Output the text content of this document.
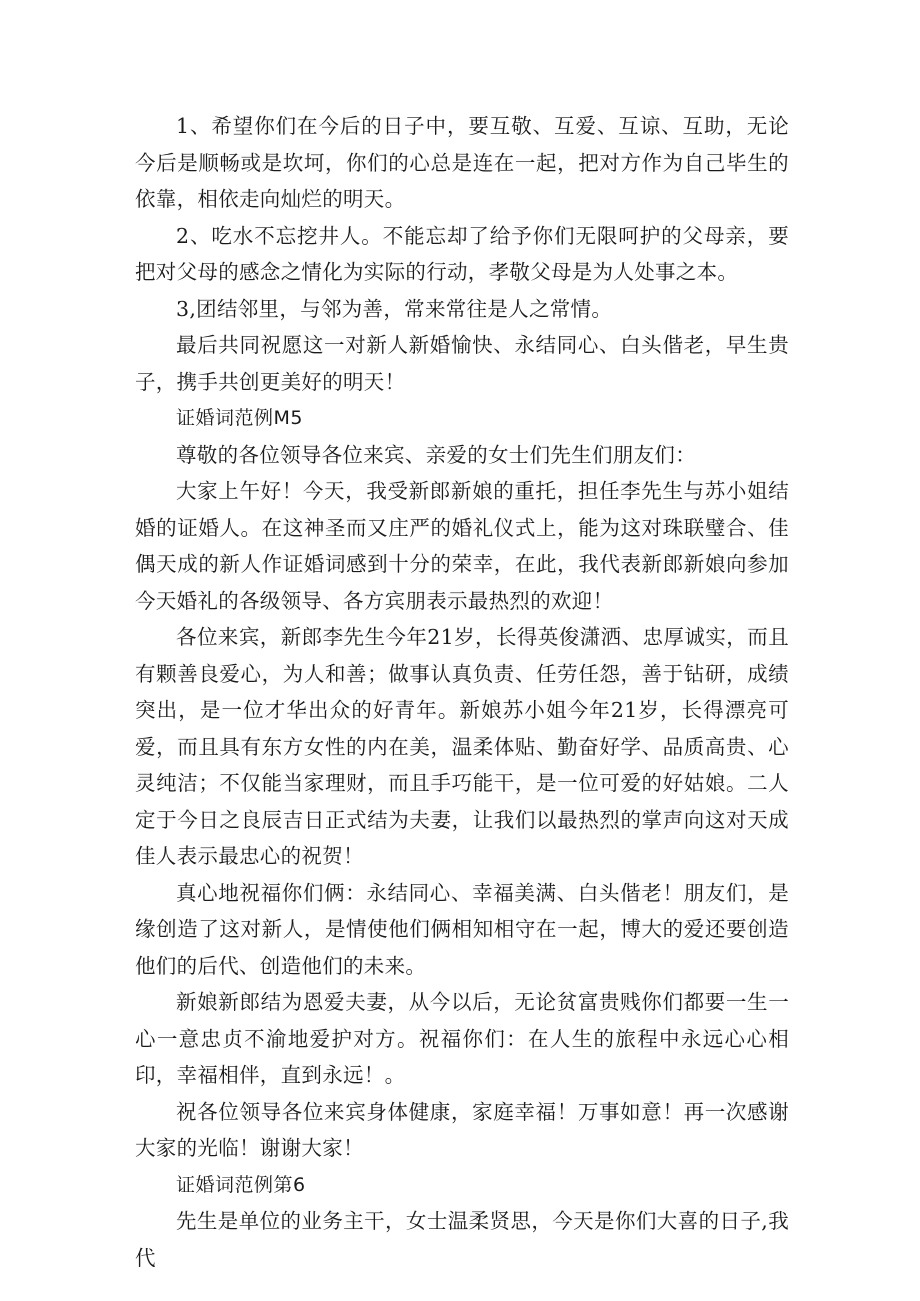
1、希望你们在今后的日子中，要互敬、互爱、互谅、互助，无论今后是顺畅或是坎坷，你们的心总是连在一起，把对方作为自己毕生的依靠，相依走向灿烂的明天。

2、吃水不忘挖井人。不能忘却了给予你们无限呵护的父母亲，要把对父母的感念之情化为实际的行动，孝敬父母是为人处事之本。

3,团结邻里，与邻为善，常来常往是人之常情。

最后共同祝愿这一对新人新婚愉快、永结同心、白头偕老，早生贵子，携手共创更美好的明天！

证婚词范例M5

尊敬的各位领导各位来宾、亲爱的女士们先生们朋友们：

大家上午好！今天，我受新郎新娘的重托，担任李先生与苏小姐结婚的证婚人。在这神圣而又庄严的婚礼仪式上，能为这对珠联璧合、佳偶天成的新人作证婚词感到十分的荣幸，在此，我代表新郎新娘向参加今天婚礼的各级领导、各方宾朋表示最热烈的欢迎！

各位来宾，新郎李先生今年21岁，长得英俊潇洒、忠厚诚实，而且有颗善良爱心，为人和善；做事认真负责、任劳任怨，善于钻研，成绩突出，是一位才华出众的好青年。新娘苏小姐今年21岁，长得漂亮可爱，而且具有东方女性的内在美，温柔体贴、勤奋好学、品质高贵、心灵纯洁；不仅能当家理财，而且手巧能干，是一位可爱的好姑娘。二人定于今日之良辰吉日正式结为夫妻，让我们以最热烈的掌声向这对天成佳人表示最忠心的祝贺！

真心地祝福你们俩：永结同心、幸福美满、白头偕老！朋友们，是缘创造了这对新人，是情使他们俩相知相守在一起，博大的爱还要创造他们的后代、创造他们的未来。

新娘新郎结为恩爱夫妻，从今以后，无论贫富贵贱你们都要一生一心一意忠贞不渝地爱护对方。祝福你们：在人生的旅程中永远心心相印，幸福相伴，直到永远！。

祝各位领导各位来宾身体健康，家庭幸福！万事如意！再一次感谢大家的光临！谢谢大家！

证婚词范例第6

先生是单位的业务主干，女士温柔贤思，今天是你们大喜的日子,我代
